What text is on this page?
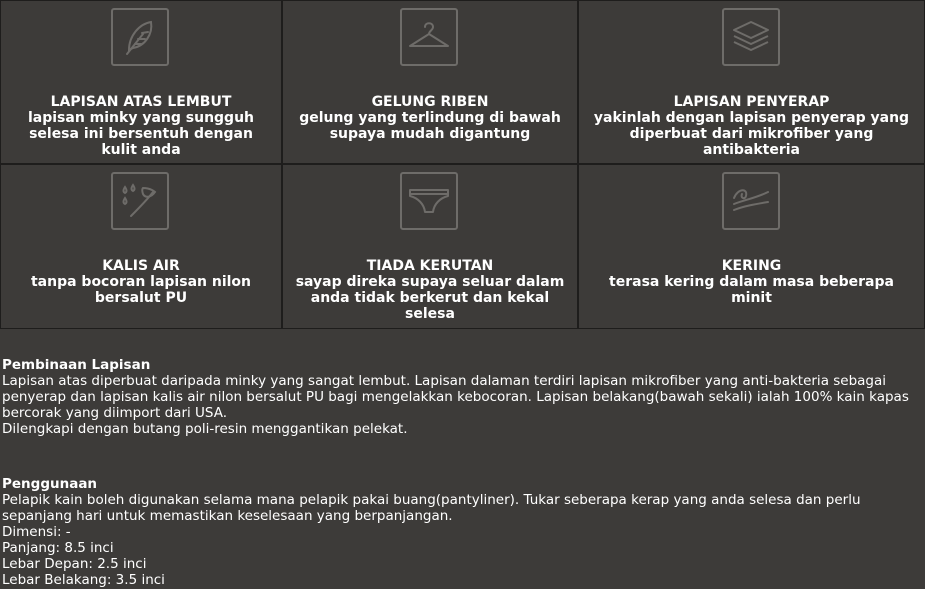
LAPISAN ATAS LEMBUT
lapisan minky yang sungguh selesa ini bersentuh dengan kulit anda
GELUNG RIBEN
gelung yang terlindung di bawah supaya mudah digantung
LAPISAN PENYERAP
yakinlah dengan lapisan penyerap yang diperbuat dari mikrofiber yang antibakteria
KALIS AIR
tanpa bocoran lapisan nilon bersalut PU
TIADA KERUTAN
sayap direka supaya seluar dalam anda tidak berkerut dan kekal selesa
KERING
terasa kering dalam masa beberapa minit

Pembinaan Lapisan

Lapisan atas diperbuat daripada minky yang sangat lembut. Lapisan dalaman terdiri lapisan mikrofiber yang anti-bakteria sebagai penyerap dan lapisan kalis air nilon bersalut PU bagi mengelakkan kebocoran. Lapisan belakang(bawah sekali) ialah 100% kain kapas bercorak yang diimport dari USA.

Dilengkapi dengan butang poli-resin menggantikan pelekat.

Penggunaan

Pelapik kain boleh digunakan selama mana pelapik pakai buang(pantyliner). Tukar seberapa kerap yang anda selesa dan perlu sepanjang hari untuk memastikan keselesaan yang berpanjangan.

Dimensi: -

Panjang: 8.5 inci

Lebar Depan: 2.5 inci

Lebar Belakang: 3.5 inci
